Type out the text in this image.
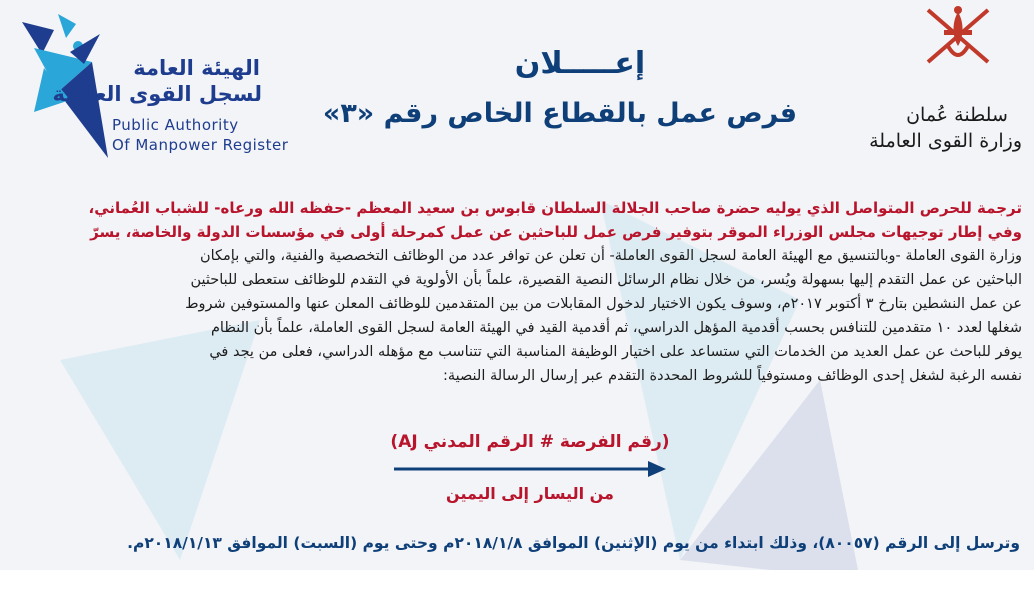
الهيئة العامة
لسجل القوى العاملة
Public Authority
Of Manpower Register
سلطنة عُمان
وزارة القوى العاملة
إعـــــلان
فرص عمل بالقطاع الخاص رقم «٣»
ترجمة للحرص المتواصل الذي يوليه حضرة صاحب الجلالة السلطان قابوس بن سعيد المعظم -حفظه الله ورعاه- للشباب العُماني،
وفي إطار توجيهات مجلس الوزراء الموقر بتوفير فرص عمل للباحثين عن عمل كمرحلة أولى في مؤسسات الدولة والخاصة، يسرّ
وزارة القوى العاملة -وبالتنسيق مع الهيئة العامة لسجل القوى العاملة- أن تعلن عن توافر عدد من الوظائف التخصصية والفنية، والتي بإمكان
الباحثين عن عمل التقدم إليها بسهولة ويُسر، من خلال نظام الرسائل النصية القصيرة، علماً بأن الأولوية في التقدم للوظائف ستعطى للباحثين
عن عمل النشطين بتارخ ٣ أكتوبر ٢٠١٧م، وسوف يكون الاختيار لدخول المقابلات من بين المتقدمين للوظائف المعلن عنها والمستوفين شروط
شغلها لعدد ١٠ متقدمين للتنافس بحسب أقدمية المؤهل الدراسي، ثم أقدمية القيد في الهيئة العامة لسجل القوى العاملة، علماً بأن النظام
يوفر للباحث عن عمل العديد من الخدمات التي ستساعد على اختيار الوظيفة المناسبة التي تتناسب مع مؤهله الدراسي، فعلى من يجد في
نفسه الرغبة لشغل إحدى الوظائف ومستوفياً للشروط المحددة التقدم عبر إرسال الرسالة النصية:
(رقم الفرصة # الرقم المدني AJ)
من اليسار إلى اليمين
وترسل إلى الرقم (٨٠٠٥٧)، وذلك ابتداء من يوم (الإثنين) الموافق ٢٠١٨/١/٨م وحتى يوم (السبت) الموافق ٢٠١٨/١/١٣م.
